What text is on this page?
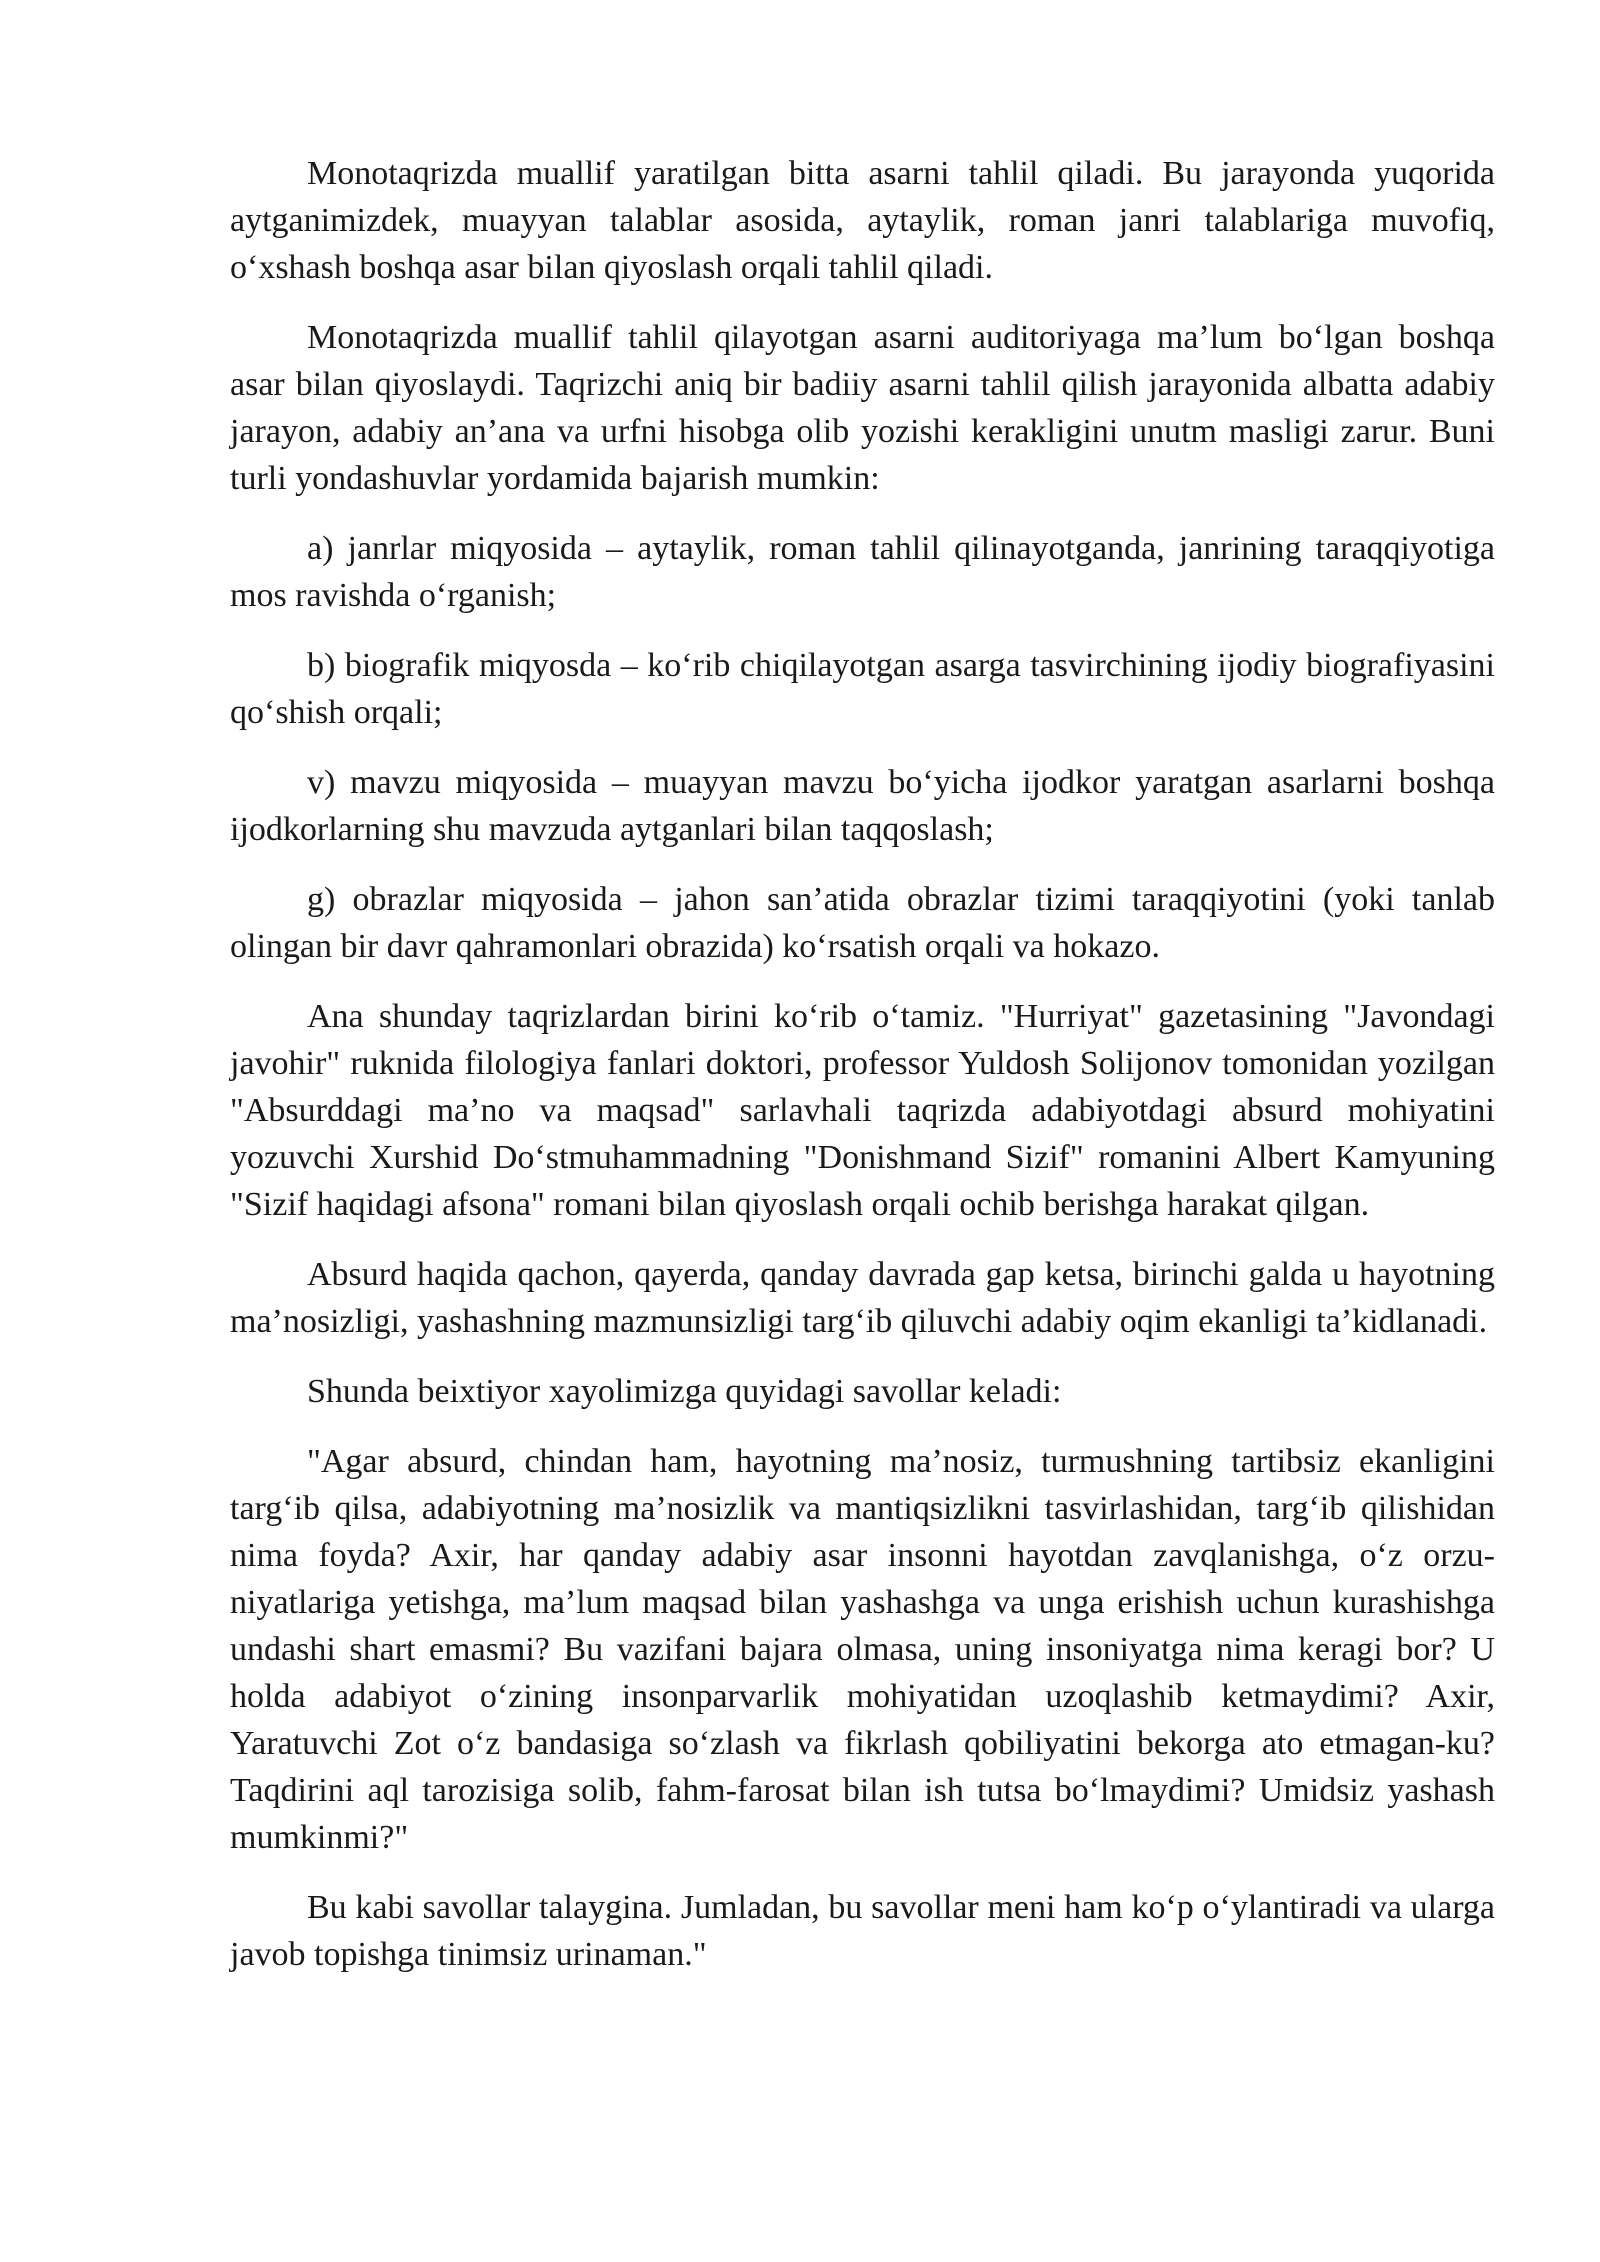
Monotaqrizda muallif yaratilgan bitta asarni tahlil qiladi. Bu jarayonda yuqorida aytganimizdek, muayyan talablar asosida, aytaylik, roman janri talablariga muvofiq, o‘xshash boshqa asar bilan qiyoslash orqali tahlil qiladi.

Monotaqrizda muallif tahlil qilayotgan asarni auditoriyaga ma’lum bo‘lgan boshqa asar bilan qiyoslaydi. Taqrizchi aniq bir badiiy asarni tahlil qilish jarayonida albatta adabiy jarayon, adabiy an’ana va urfni hisobga olib yozishi kerakligini unutm masligi zarur. Buni turli yondashuvlar yordamida bajarish mumkin:

a) janrlar miqyosida – aytaylik, roman tahlil qilinayotganda, janrining taraqqiyotiga mos ravishda o‘rganish;

b) biografik miqyosda – ko‘rib chiqilayotgan asarga tasvirchining ijodiy biografiyasini qo‘shish orqali;

v) mavzu miqyosida – muayyan mavzu bo‘yicha ijodkor yaratgan asarlarni boshqa ijodkorlarning shu mavzuda aytganlari bilan taqqoslash;

g) obrazlar miqyosida – jahon san’atida obrazlar tizimi taraqqiyotini (yoki tanlab olingan bir davr qahramonlari obrazida) ko‘rsatish orqali va hokazo.

Ana shunday taqrizlardan birini ko‘rib o‘tamiz. "Hurriyat" gazetasining "Javondagi javohir" ruknida filologiya fanlari doktori, professor Yuldosh Solijonov tomonidan yozilgan "Absurddagi ma’no va maqsad" sarlavhali taqrizda adabiyotdagi absurd mohiyatini yozuvchi Xurshid Do‘stmuhammadning "Donishmand Sizif" romanini Albert Kamyuning "Sizif haqidagi afsona" romani bilan qiyoslash orqali ochib berishga harakat qilgan.

Absurd haqida qachon, qayerda, qanday davrada gap ketsa, birinchi galda u hayotning ma’nosizligi, yashashning mazmunsizligi targ‘ib qiluvchi adabiy oqim ekanligi ta’kidlanadi.

Shunda beixtiyor xayolimizga quyidagi savollar keladi:

"Agar absurd, chindan ham, hayotning ma’nosiz, turmushning tartibsiz ekanligini targ‘ib qilsa, adabiyotning ma’nosizlik va mantiqsizlikni tasvirlashidan, targ‘ib qilishidan nima foyda? Axir, har qanday adabiy asar insonni hayotdan zavqlanishga, o‘z orzu-niyatlariga yetishga, ma’lum maqsad bilan yashashga va unga erishish uchun kurashishga undashi shart emasmi? Bu vazifani bajara olmasa, uning insoniyatga nima keragi bor? U holda adabiyot o‘zining insonparvarlik mohiyatidan uzoqlashib ketmaydimi? Axir, Yaratuvchi Zot o‘z bandasiga so‘zlash va fikrlash qobiliyatini bekorga ato etmagan-ku? Taqdirini aql tarozisiga solib, fahm-farosat bilan ish tutsa bo‘lmaydimi? Umidsiz yashash mumkinmi?"

Bu kabi savollar talaygina. Jumladan, bu savollar meni ham ko‘p o‘ylantiradi va ularga javob topishga tinimsiz urinaman."
